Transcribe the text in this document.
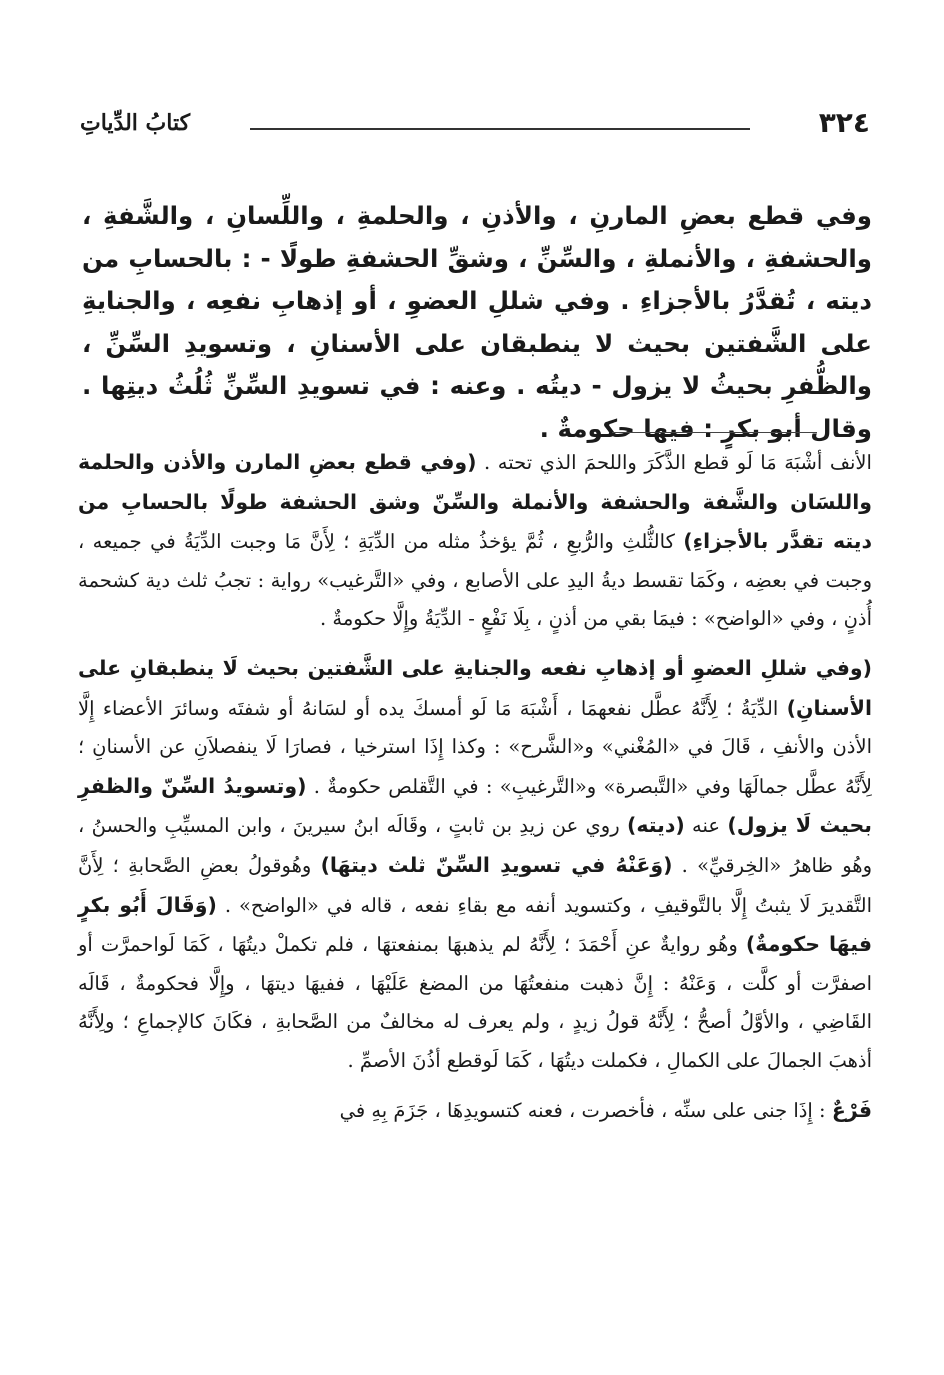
٣٢٤
كتابُ الدِّياتِ

وفي قطع بعضِ المارنِ ، والأذنِ ، والحلمةِ ، واللِّسانِ ، والشَّفةِ ، والحشفةِ ، والأنملةِ ، والسِّنِّ ، وشقِّ الحشفةِ طولًا - : بالحسابِ من ديته ، تُقدَّرُ بالأجزاءِ . وفي شللِ العضوِ ، أو إذهابِ نفعِه ، والجنايةِ على الشَّفتين بحيث لا ينطبقان على الأسنانِ ، وتسويدِ السِّنِّ ، والظُّفرِ بحيثُ لا يزول - ديتُه . وعنه : في تسويدِ السِّنِّ ثُلُثُ ديتِها . وقال أبو بكرٍ : فيها حكومةٌ .

الأنف أشْبَهَ مَا لَو قطع الذَّكَرَ واللحمَ الذي تحته . (وفي قطع بعضِ المارن والأذن والحلمة واللسَان والشَّفة والحشفة والأنملة والسِّنّ وشق الحشفة طولًا بالحسابِ من ديته تقدَّر بالأجزاءِ) كالثُّلثِ والرُّبعِ ، ثُمَّ يؤخذُ مثله من الدِّيَةِ ؛ لِأَنَّ مَا وجبت الدِّيَةُ في جميعه ، وجبت في بعضِه ، وكَمَا تقسط ديةُ اليدِ على الأصابع ، وفي «التَّرغيب» رواية : تجبُ ثلث دية كشحمة أُذنٍ ، وفي «الواضح» : فيمَا بقي من أذنٍ ، بِلَا نَفْعٍ - الدِّيَةُ وإِلَّا حكومةٌ .

(وفي شللِ العضوِ أو إذهابِ نفعه والجنايةِ على الشَّفتين بحيث لَا ينطبقانِ على الأسنانِ) الدِّيَةُ ؛ لِأَنَّهُ عطَّل نفعهمَا ، أَشْبَهَ مَا لَو أمسكَ يده أو لسَانهُ أو شفتَه وسائرَ الأعضاء إِلَّا الأذن والأنفِ ، قَالَ في «المُغْني» و«الشَّرح» : وكذا إِذَا استرخيا ، فصارَا لَا ينفصلاَنِ عن الأسنانِ ؛ لِأَنَّهُ عطَّل جمالَهَا وفي «التَّبصرة» و«التَّرغيبِ» : في التَّقلص حكومةٌ . (وتسويدُ السِّنّ والظفرِ بحيث لَا يزول) عنه (ديته) روي عن زيدِ بن ثابتٍ ، وقَالَه ابنُ سيرينَ ، وابن المسيِّبِ والحسنُ ، وهُو ظاهرُ «الخِرقيِّ» . (وَعَنْهُ في تسويدِ السِّنّ ثلث ديتهَا) وهُوقولُ بعضِ الصَّحابةِ ؛ لِأَنَّ التَّقديرَ لَا يثبتُ إِلَّا بالتَّوقيفِ ، وكتسويد أنفه مع بقاءِ نفعه ، قاله في «الواضح» . (وَقَالَ أَبُو بكرٍ فيهَا حكومةٌ) وهُو روايةٌ عنِ أَحْمَدَ ؛ لِأَنَّهُ لم يذهبهَا بمنفعتهَا ، فلم تكملْ ديتُهَا ، كَمَا لَواحمرَّت أو اصفرَّت أو كلَّت ، وَعَنْهُ : إِنَّ ذهبت منفعتُهَا من المضغ عَلَيْهَا ، ففيهَا ديتهَا ، وإِلَّا فحكومةٌ ، قَالَه القَاضِي ، والأوَّلُ أصحُّ ؛ لِأَنَّهُ قولُ زيدٍ ، ولم يعرف له مخالفٌ من الصَّحابةِ ، فكَانَ كالإجماعِ ؛ ولِأَنَّهُ أذهبَ الجمالَ على الكمالِ ، فكملت ديتُهَا ، كَمَا لَوقطع أذُنَ الأصمِّ .

فَرْعٌ : إِذَا جنى على سنِّه ، فأخصرت ، فعنه كتسويدِهَا ، جَزَمَ بِهِ في
